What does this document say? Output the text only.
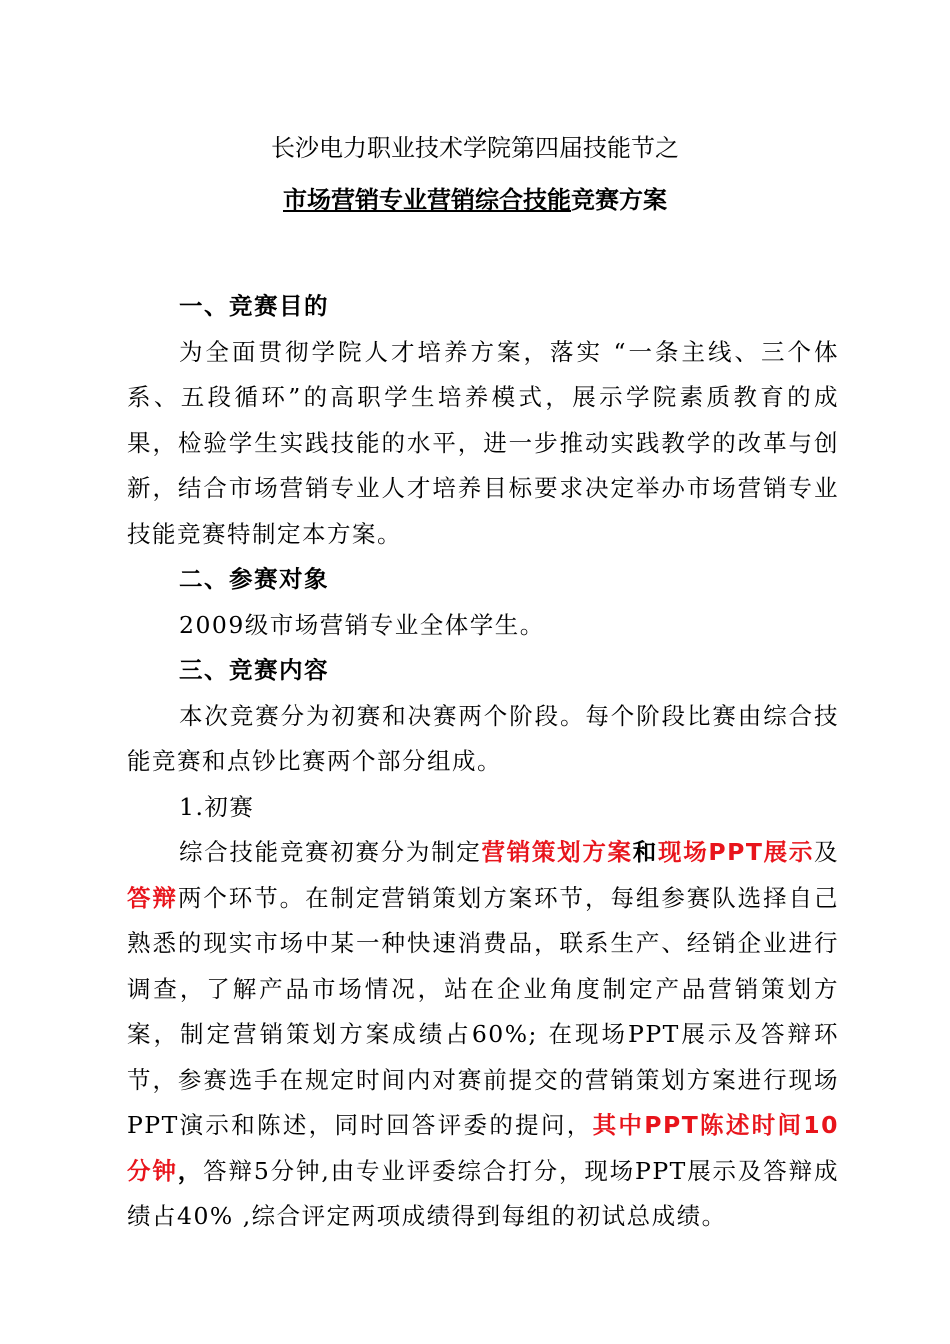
长沙电力职业技术学院第四届技能节之
市场营销专业营销综合技能竞赛方案

一、竞赛目的

为全面贯彻学院人才培养方案，落实 “一条主线、三个体系、五段循环”的高职学生培养模式，展示学院素质教育的成果，检验学生实践技能的水平，进一步推动实践教学的改革与创新，结合市场营销专业人才培养目标要求决定举办市场营销专业技能竞赛特制定本方案。

二、参赛对象

2009级市场营销专业全体学生。

三、竞赛内容

本次竞赛分为初赛和决赛两个阶段。每个阶段比赛由综合技能竞赛和点钞比赛两个部分组成。

1.初赛

综合技能竞赛初赛分为制定营销策划方案和现场PPT展示及答辩两个环节。在制定营销策划方案环节，每组参赛队选择自己熟悉的现实市场中某一种快速消费品，联系生产、经销企业进行调查，了解产品市场情况，站在企业角度制定产品营销策划方案，制定营销策划方案成绩占60%; 在现场PPT展示及答辩环节，参赛选手在规定时间内对赛前提交的营销策划方案进行现场PPT演示和陈述，同时回答评委的提问，其中PPT陈述时间10分钟，答辩5分钟,由专业评委综合打分，现场PPT展示及答辩成绩占40% ,综合评定两项成绩得到每组的初试总成绩。
